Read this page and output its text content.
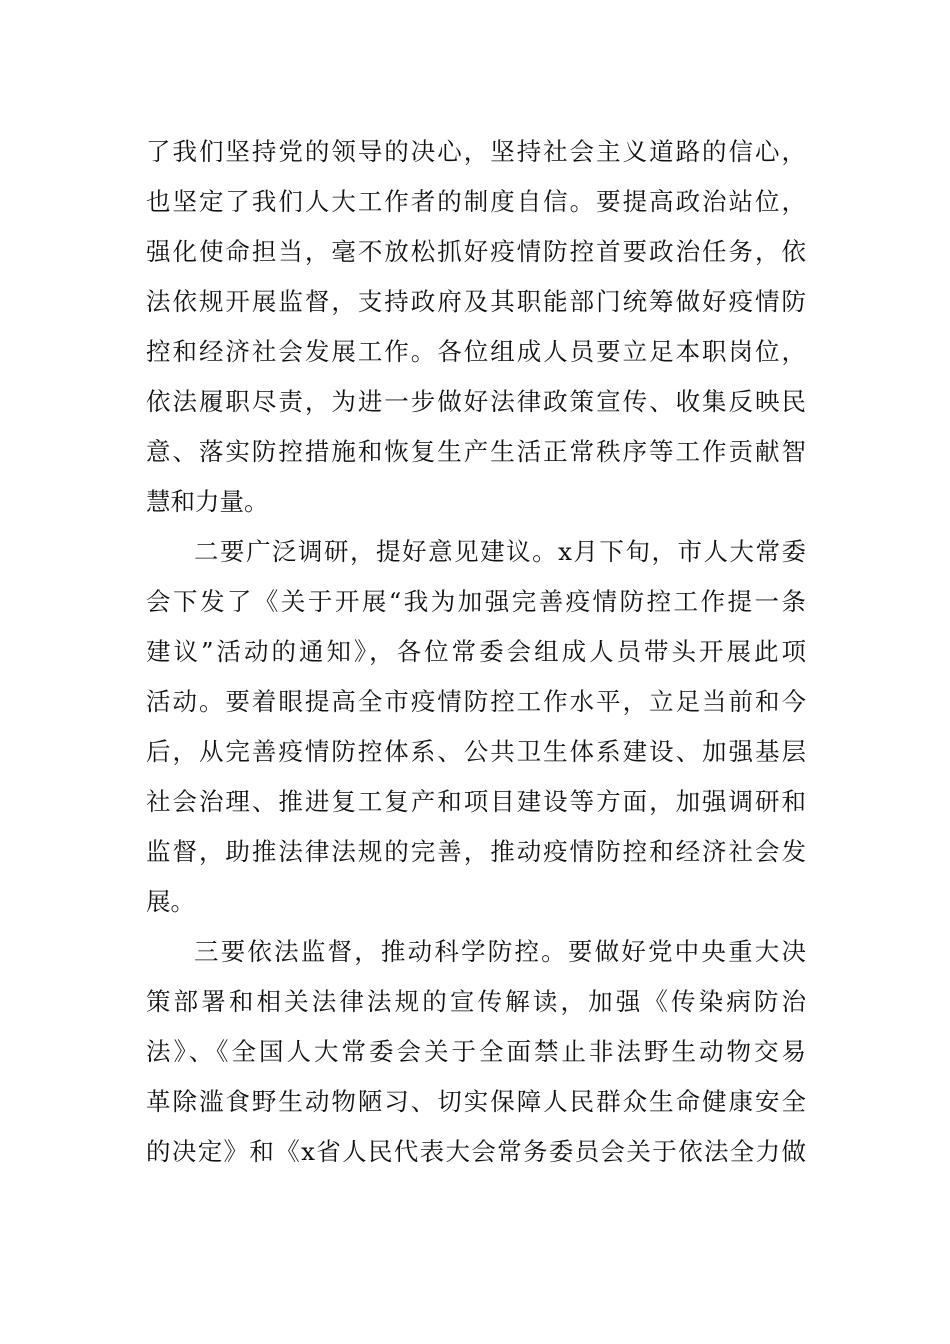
了我们坚持党的领导的决心，坚持社会主义道路的信心，
也坚定了我们人大工作者的制度自信。要提高政治站位，
强化使命担当，毫不放松抓好疫情防控首要政治任务，依
法依规开展监督，支持政府及其职能部门统筹做好疫情防
控和经济社会发展工作。各位组成人员要立足本职岗位，
依法履职尽责，为进一步做好法律政策宣传、收集反映民
意、落实防控措施和恢复生产生活正常秩序等工作贡献智
慧和力量。
二要广泛调研，提好意见建议。x月下旬，市人大常委
会下发了《关于开展“我为加强完善疫情防控工作提一条
建议”活动的通知》，各位常委会组成人员带头开展此项
活动。要着眼提高全市疫情防控工作水平，立足当前和今
后，从完善疫情防控体系、公共卫生体系建设、加强基层
社会治理、推进复工复产和项目建设等方面，加强调研和
监督，助推法律法规的完善，推动疫情防控和经济社会发
展。
三要依法监督，推动科学防控。要做好党中央重大决
策部署和相关法律法规的宣传解读，加强《传染病防治
法》、《全国人大常委会关于全面禁止非法野生动物交易
革除滥食野生动物陋习、切实保障人民群众生命健康安全
的决定》和《x省人民代表大会常务委员会关于依法全力做
